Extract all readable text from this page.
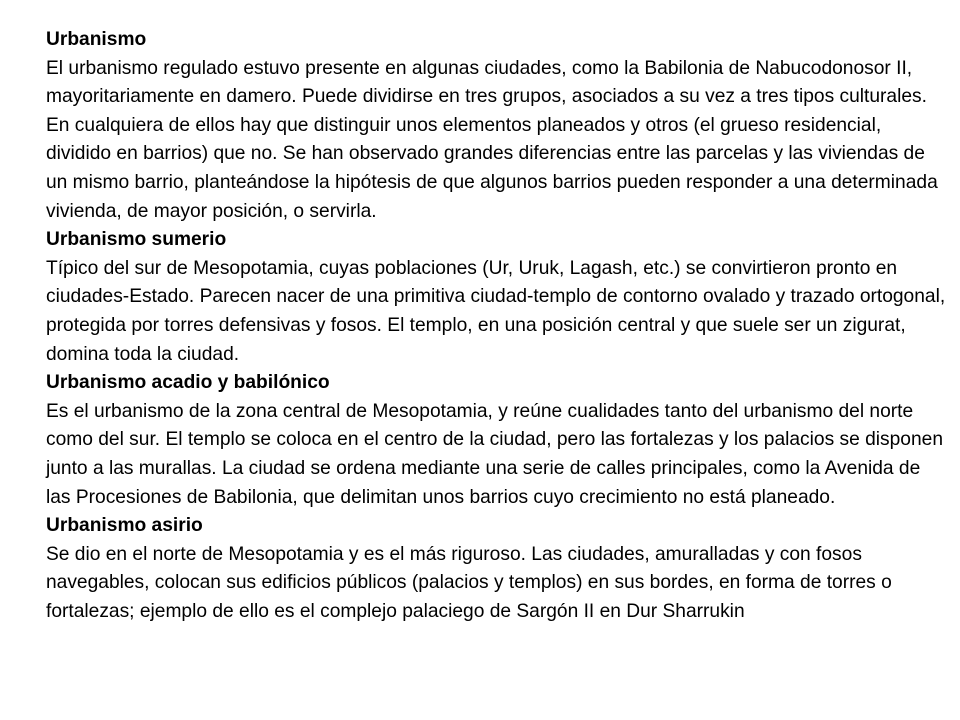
Urbanismo

El urbanismo regulado estuvo presente en algunas ciudades, como la Babilonia de Nabucodonosor II, mayoritariamente en damero. Puede dividirse en tres grupos, asociados a su vez a tres tipos culturales. En cualquiera de ellos hay que distinguir unos elementos planeados y otros (el grueso residencial, dividido en barrios) que no. Se han observado grandes diferencias entre las parcelas y las viviendas de un mismo barrio, planteándose la hipótesis de que algunos barrios pueden responder a una determinada vivienda, de mayor posición, o servirla.

Urbanismo sumerio

Típico del sur de Mesopotamia, cuyas poblaciones (Ur, Uruk, Lagash, etc.) se convirtieron pronto en ciudades-Estado. Parecen nacer de una primitiva ciudad-templo de contorno ovalado y trazado ortogonal, protegida por torres defensivas y fosos. El templo, en una posición central y que suele ser un zigurat, domina toda la ciudad.

Urbanismo acadio y babilónico

Es el urbanismo de la zona central de Mesopotamia, y reúne cualidades tanto del urbanismo del norte como del sur. El templo se coloca en el centro de la ciudad, pero las fortalezas y los palacios se disponen junto a las murallas. La ciudad se ordena mediante una serie de calles principales, como la Avenida de las Procesiones de Babilonia, que delimitan unos barrios cuyo crecimiento no está planeado.

Urbanismo asirio

Se dio en el norte de Mesopotamia y es el más riguroso. Las ciudades, amuralladas y con fosos navegables, colocan sus edificios públicos (palacios y templos) en sus bordes, en forma de torres o fortalezas; ejemplo de ello es el complejo palaciego de Sargón II en Dur Sharrukin
